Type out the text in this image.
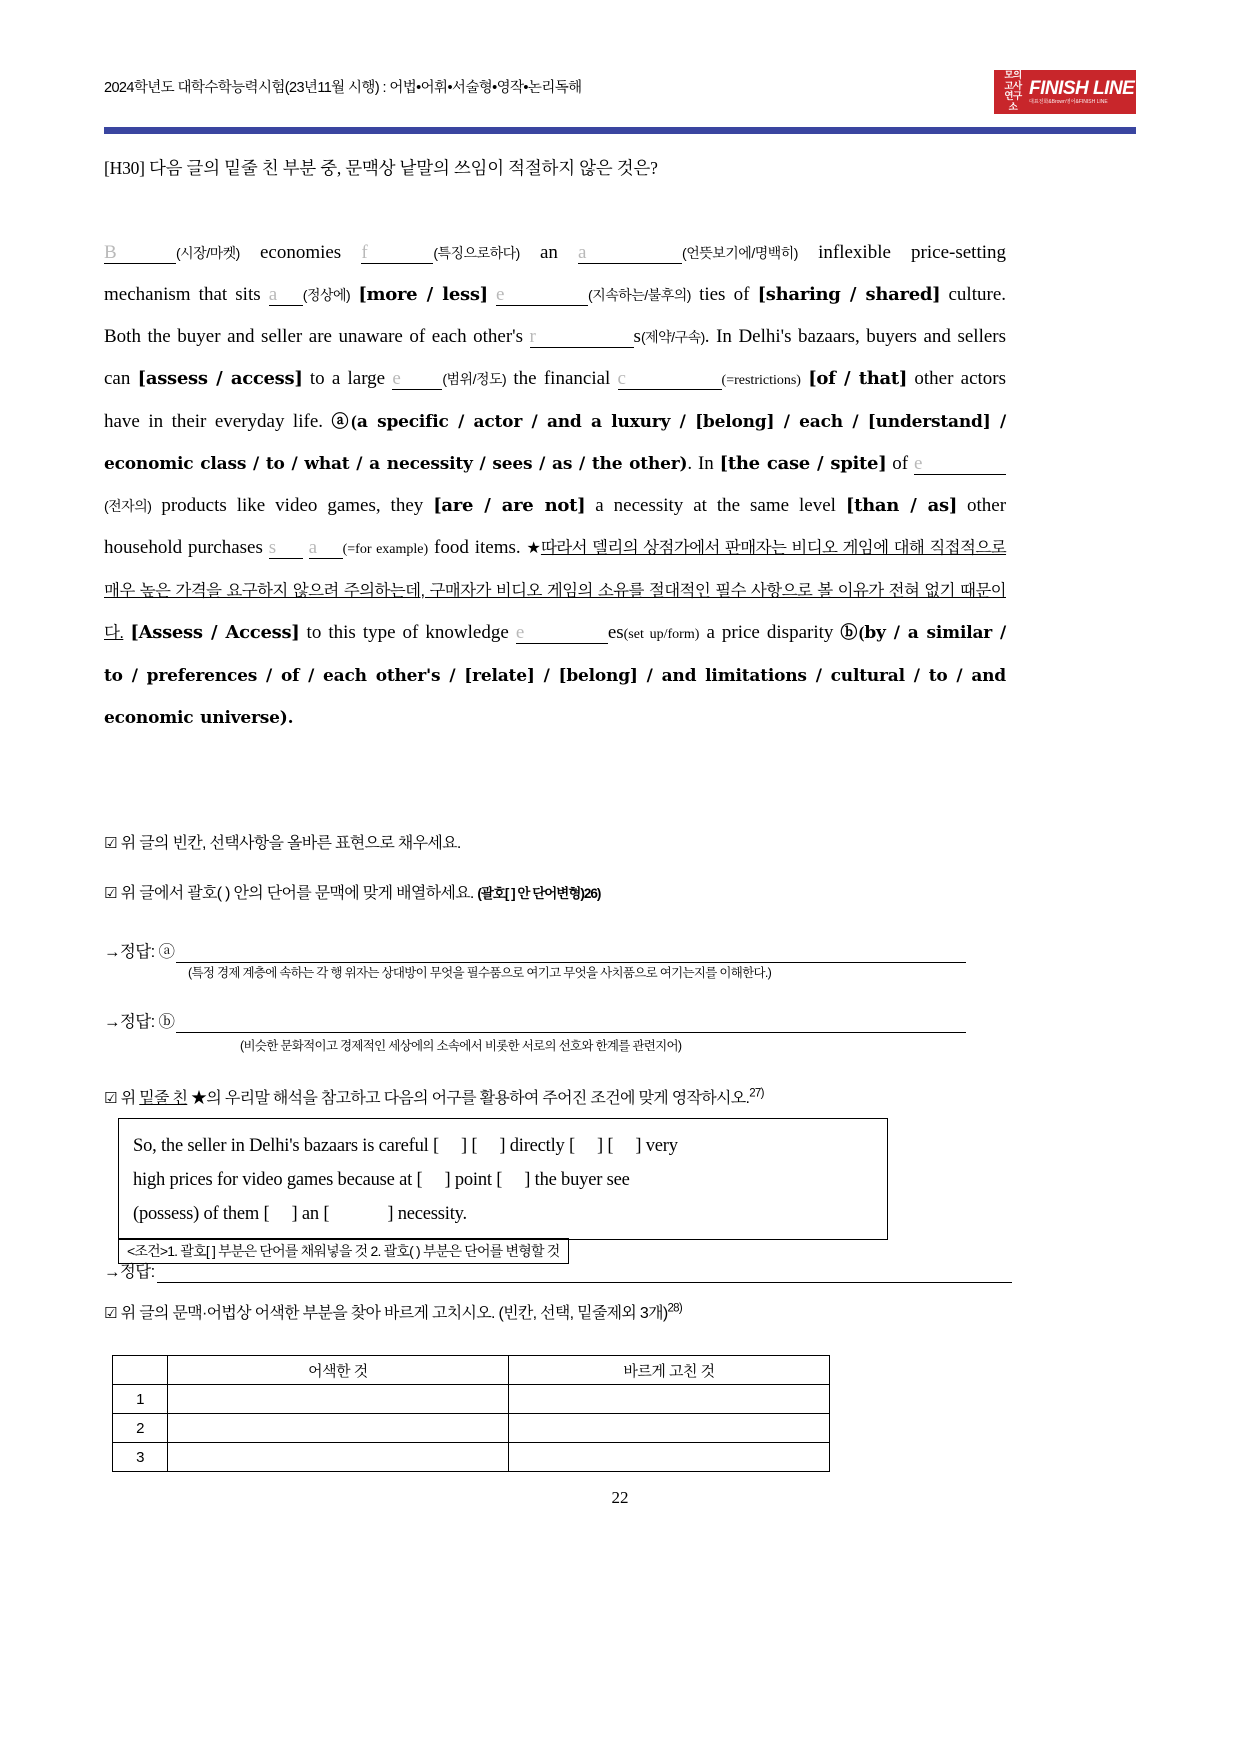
2024학년도 대학수학능력시험(23년11월 시행) : 어법•어휘•서술형•영작•논리독해
모의
고사
연구소
FINISH LINE
대표전화&Brown영어&FINISH LINE
[H30] 다음 글의 밑줄 친 부분 중, 문맥상 낱말의 쓰임이 적절하지 않은 것은?
B	(시장/마켓) economies f	(특징으로하다) an a	(언뜻보기에/명백히) inflexible price-setting mechanism that sits a (정상에) [more / less] e	(지속하는/불후의) ties of [sharing / shared] culture. Both the buyer and seller are unaware of each other's r	s(제약/구속). In Delhi's bazaars, buyers and sellers can [assess / access] to a large e	(범위/정도) the financial c	(=restrictions) [of / that] other actors have in their everyday life. ⓐ(a specific / actor / and a luxury / [belong] / each / [understand] / economic class / to / what / a necessity / sees / as / the other). In [the case / spite] of e(전자의) products like video games, they [are / are not] a necessity at the same level [than / as] other household purchases s a (=for example) food items. ★따라서 델리의 상점가에서 판매자는 비디오 게임에 대해 직접적으로 매우 높은 가격을 요구하지 않으려 주의하는데, 구매자가 비디오 게임의 소유를 절대적인 필수 사항으로 볼 이유가 전혀 없기 때문이다. [Assess / Access] to this type of knowledge e	es(set up/form) a price disparity ⓑ(by / a similar / to / preferences / of / each other's / [relate] / [belong] / and limitations / cultural / to / and economic universe).
☑ 위 글의 빈칸, 선택사항을 올바른 표현으로 채우세요.
☑ 위 글에서 괄호( ) 안의 단어를 문맥에 맞게 배열하세요. (괄호[ ] 안 단어변형)26)
→정답: ⓐ
(특정 경제 계층에 속하는 각 행 위자는 상대방이 무엇을 필수품으로 여기고 무엇을 사치품으로 여기는지를 이해한다.)
→정답: ⓑ
(비슷한 문화적이고 경제적인 세상에의 소속에서 비롯한 서로의 선호와 한계를 관련지어)
☑ 위 밑줄 친 ★의 우리말 해석을 참고하고 다음의 어구를 활용하여 주어진 조건에 맞게 영작하시오.$^{27)}$
So, the seller in Delhi's bazaars is careful [ ] [ ] directly [ ] [ ] very
high prices for video games because at [ ] point [ ] the buyer see
(possess) of them [ ] an [	] necessity.
<조건>1. 괄호[ ] 부분은 단어를 채워넣을 것 2. 괄호( ) 부분은 단어를 변형할 것
→정답:
☑ 위 글의 문맥·어법상 어색한 부분을 찾아 바르게 고치시오. (빈칸, 선택, 밑줄제외 3개)$^{28)}$
	어색한 것	바르게 고친 것
1		
2		
3		
22
